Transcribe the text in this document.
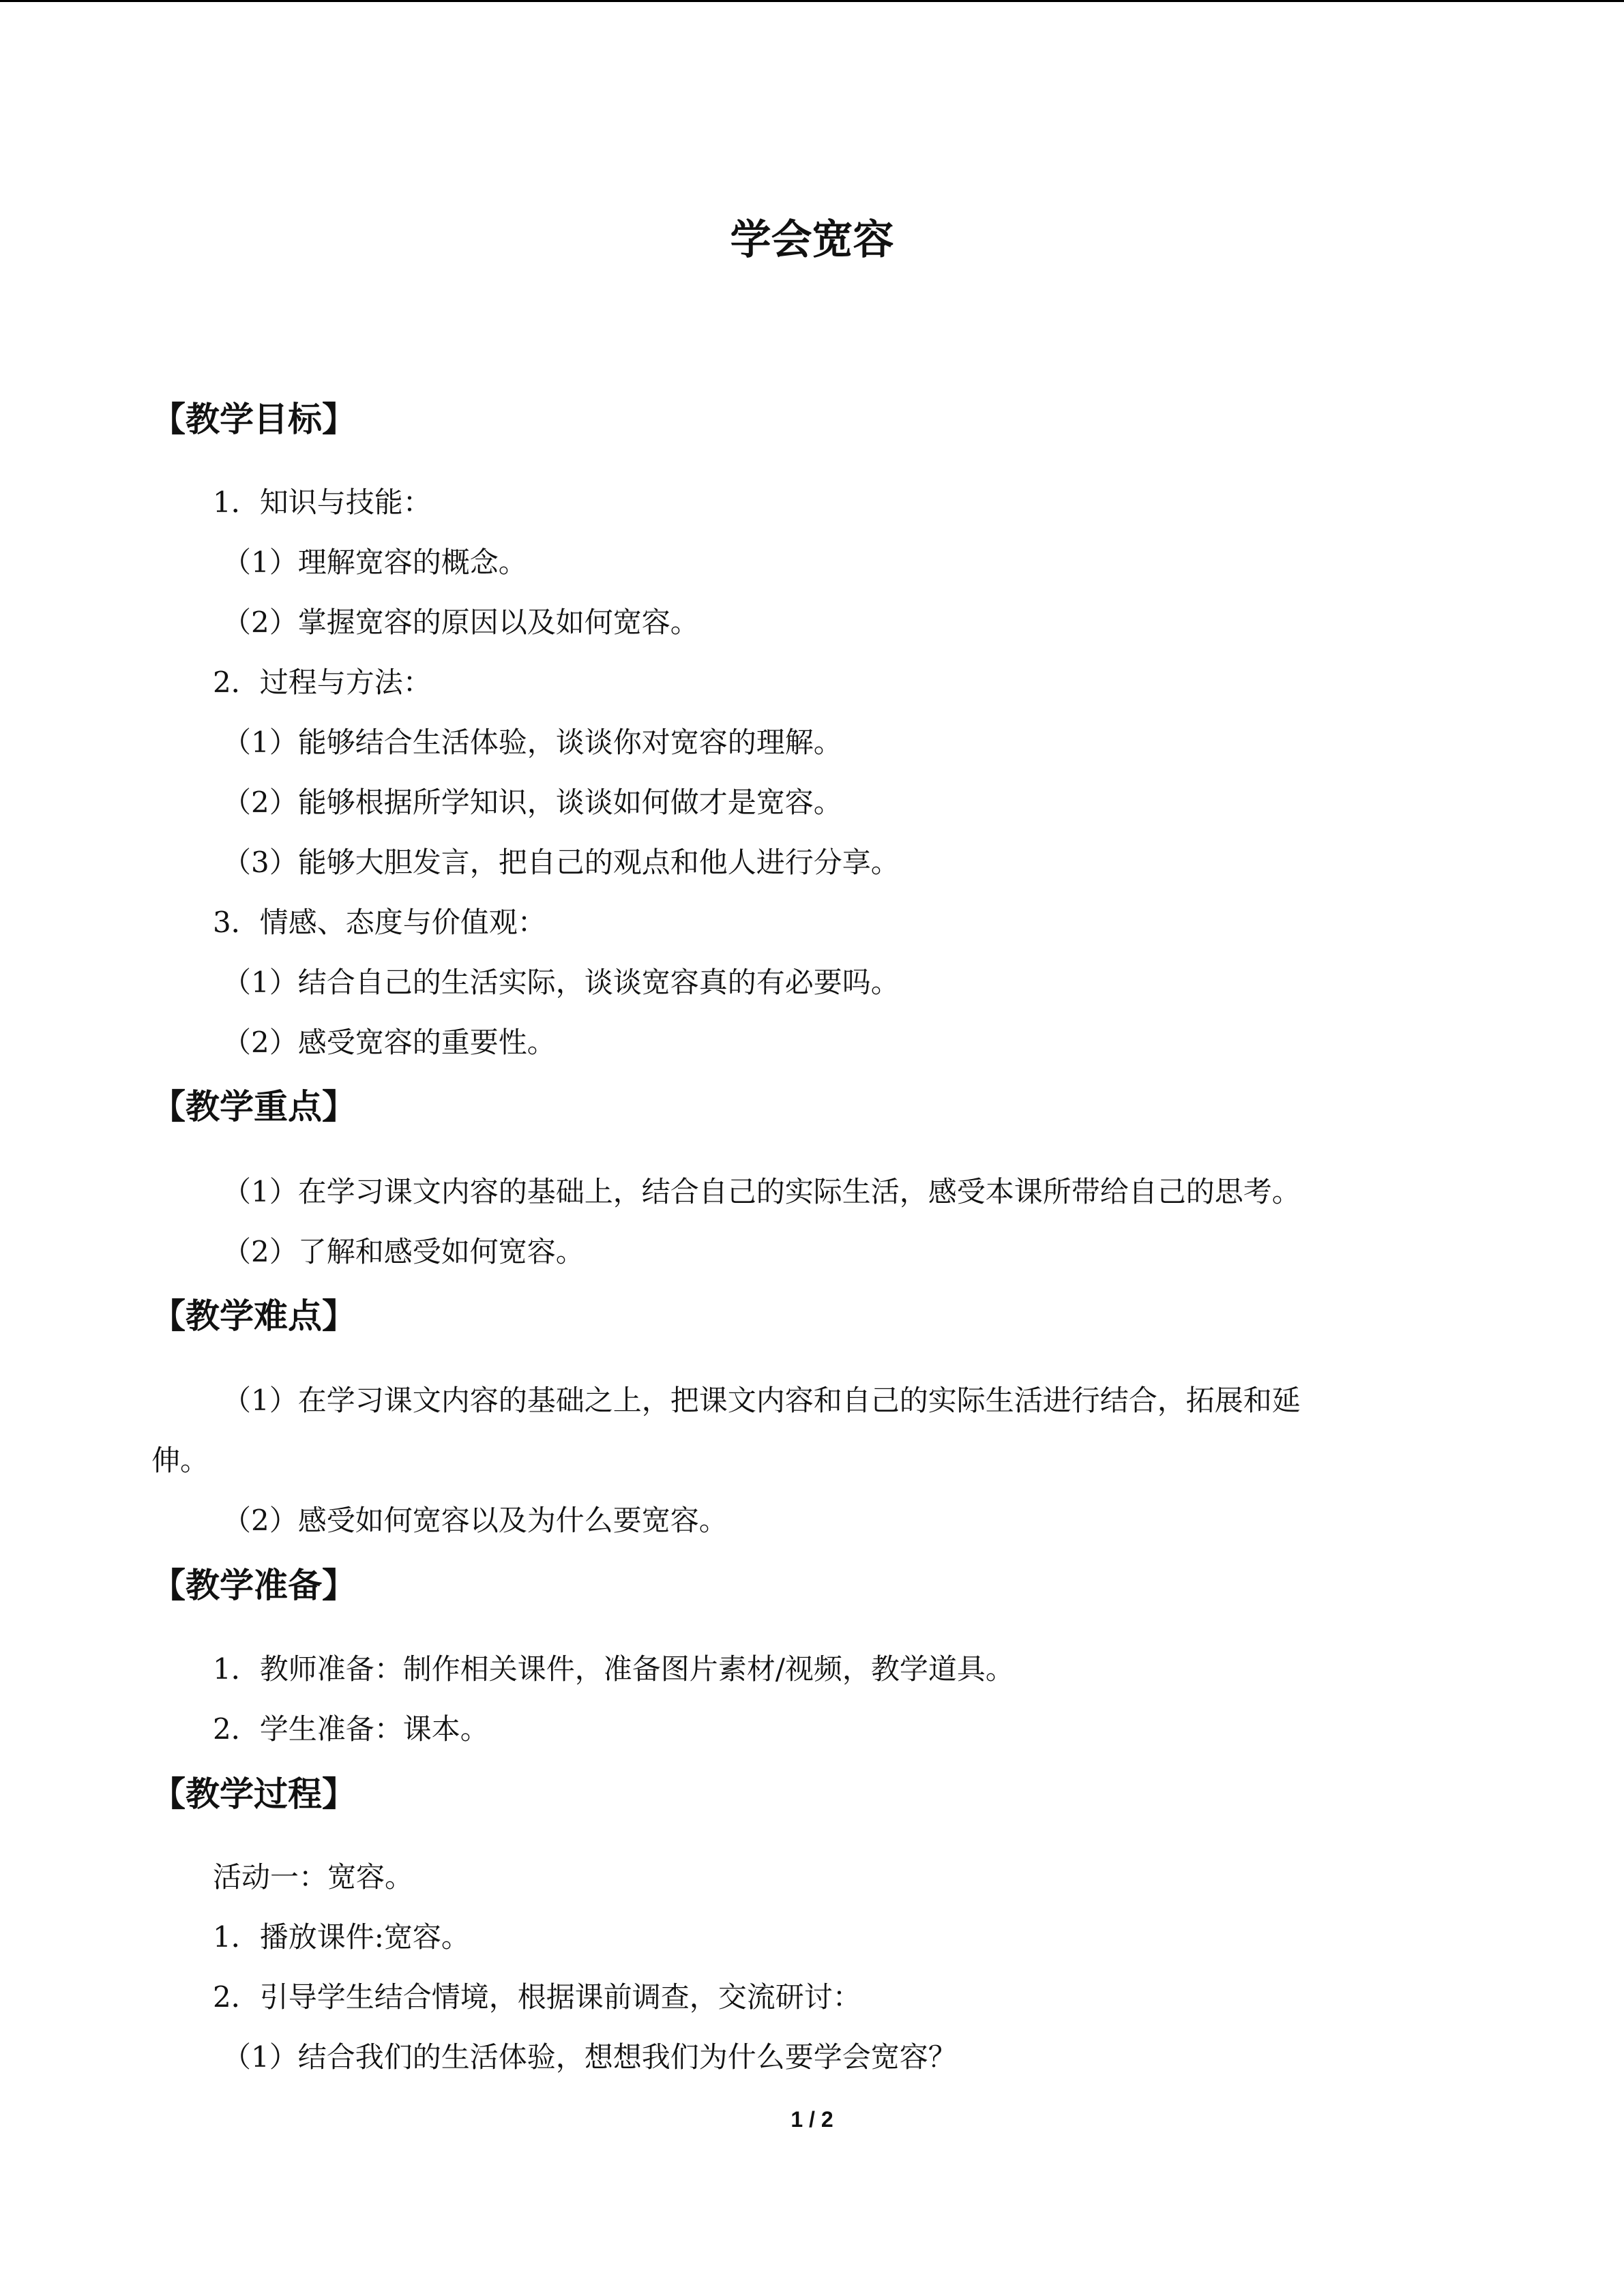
学会宽容
【教学目标】
1．知识与技能：
（1）理解宽容的概念。
（2）掌握宽容的原因以及如何宽容。
2．过程与方法：
（1）能够结合生活体验，谈谈你对宽容的理解。
（2）能够根据所学知识，谈谈如何做才是宽容。
（3）能够大胆发言，把自己的观点和他人进行分享。
3．情感、态度与价值观：
（1）结合自己的生活实际，谈谈宽容真的有必要吗。
（2）感受宽容的重要性。
【教学重点】
（1）在学习课文内容的基础上，结合自己的实际生活，感受本课所带给自己的思考。
（2）了解和感受如何宽容。
【教学难点】
（1）在学习课文内容的基础之上，把课文内容和自己的实际生活进行结合，拓展和延
伸。
（2）感受如何宽容以及为什么要宽容。
【教学准备】
1．教师准备：制作相关课件，准备图片素材/视频，教学道具。
2．学生准备：课本。
【教学过程】
活动一：宽容。
1．播放课件:宽容。
2．引导学生结合情境，根据课前调查，交流研讨：
（1）结合我们的生活体验，想想我们为什么要学会宽容？
1 / 2
